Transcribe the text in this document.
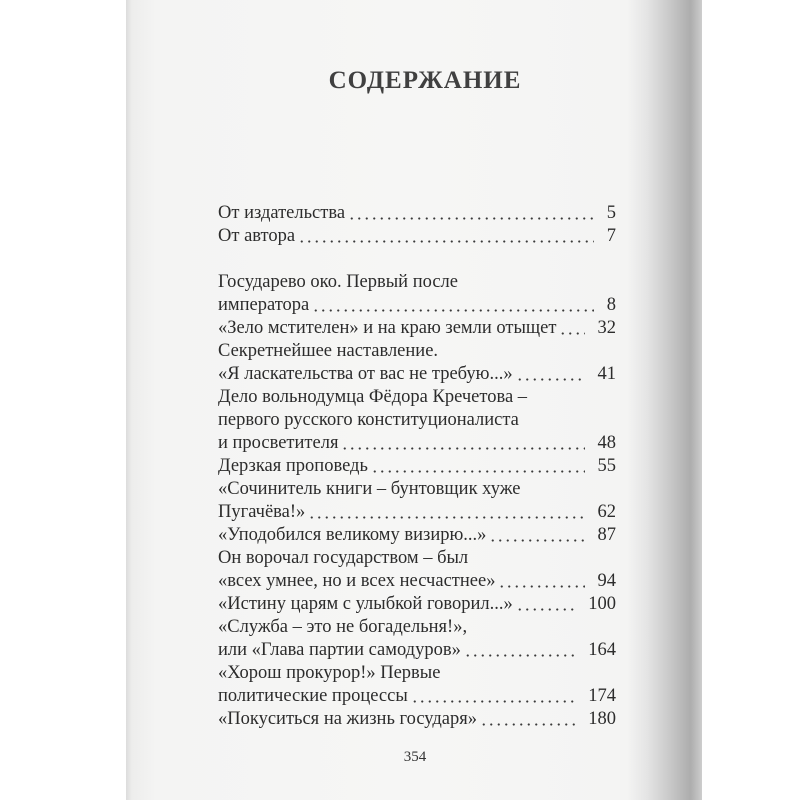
СОДЕРЖАНИЕ
От издательства	5
От автора	7
Государево око. Первый после
императора	8
«Зело мстителен» и на краю земли отыщет 32
Секретнейшее наставление.
«Я ласкательства от вас не требую...»	41
Дело вольнодумца Фёдора Кречетова –
первого русского конституционалиста
и просветителя	48
Дерзкая проповедь	55
«Сочинитель книги – бунтовщик хуже
Пугачёва!»	62
«Уподобился великому визирю...»	87
Он ворочал государством – был
«всех умнее, но и всех несчастнее»	94
«Истину царям с улыбкой говорил...»	100
«Служба – это не богадельня!»,
или «Глава партии самодуров»	164
«Хорош прокурор!» Первые
политические процессы	174
«Покуситься на жизнь государя»	180
354
